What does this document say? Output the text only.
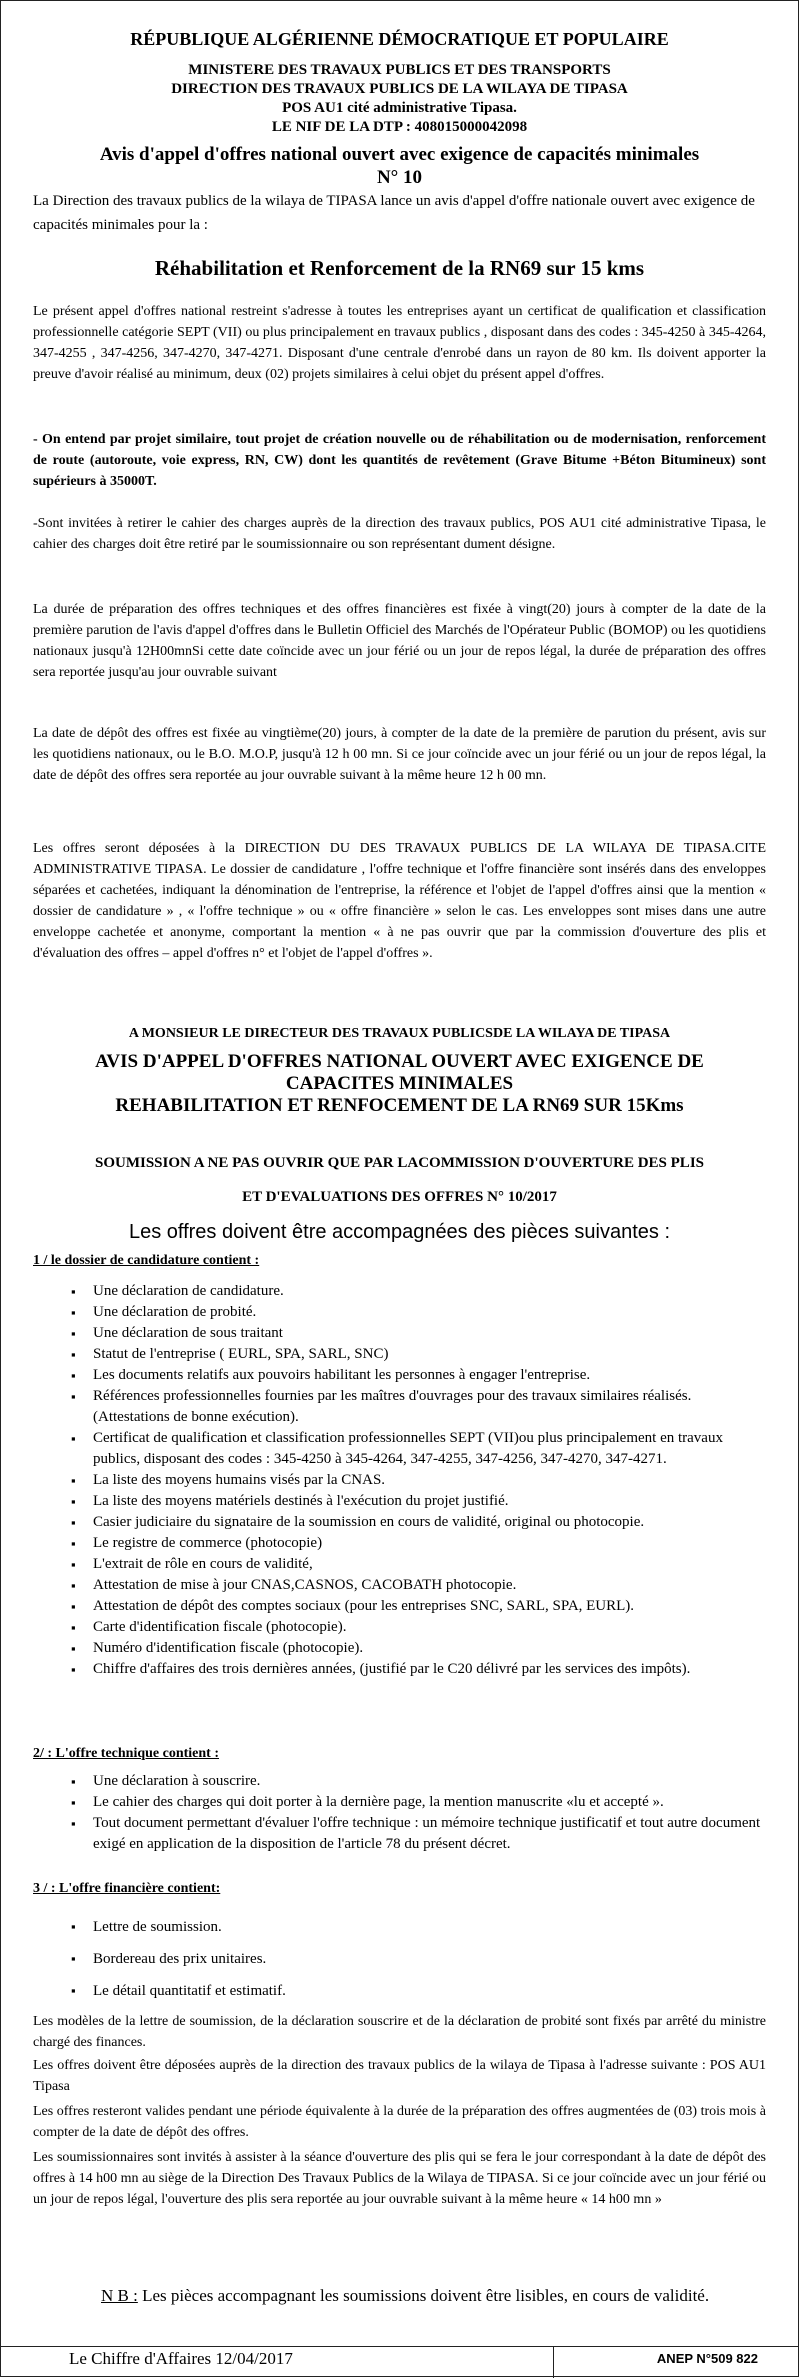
RÉPUBLIQUE ALGÉRIENNE DÉMOCRATIQUE ET POPULAIRE
MINISTERE DES TRAVAUX PUBLICS ET DES TRANSPORTS
DIRECTION DES TRAVAUX PUBLICS DE LA WILAYA DE TIPASA
POS AU1 cité administrative Tipasa.
LE NIF DE LA DTP : 408015000042098
Avis d'appel d'offres national ouvert avec exigence de capacités minimales
N° 10
La Direction des travaux publics de la wilaya de TIPASA lance un avis d'appel d'offre nationale ouvert avec exigence de capacités minimales pour la :
Réhabilitation et Renforcement de la RN69 sur 15 kms
Le présent appel d'offres national restreint s'adresse à toutes les entreprises ayant un certificat de qualification et classification professionnelle catégorie SEPT (VII) ou plus principalement en travaux publics , disposant dans des codes : 345-4250 à 345-4264, 347-4255 , 347-4256, 347-4270, 347-4271. Disposant d'une centrale d'enrobé dans un rayon de 80 km. Ils doivent apporter la preuve d'avoir réalisé au minimum, deux (02) projets similaires à celui objet du présent appel d'offres.
- On entend par projet similaire, tout projet de création nouvelle ou de réhabilitation ou de modernisation, renforcement de route (autoroute, voie express, RN, CW) dont les quantités de revêtement (Grave Bitume +Béton Bitumineux) sont supérieurs à 35000T.
-Sont invitées à retirer le cahier des charges auprès de la direction des travaux publics, POS AU1 cité administrative Tipasa, le cahier des charges doit être retiré par le soumissionnaire ou son représentant dument désigne.
La durée de préparation des offres techniques et des offres financières est fixée à vingt(20) jours à compter de la date de la première parution de l'avis d'appel d'offres dans le Bulletin Officiel des Marchés de l'Opérateur Public (BOMOP) ou les quotidiens nationaux jusqu'à 12H00mnSi cette date coïncide avec un jour férié ou un jour de repos légal, la durée de préparation des offres sera reportée jusqu'au jour ouvrable suivant
La date de dépôt des offres est fixée au vingtième(20) jours, à compter de la date de la première de parution du présent, avis sur les quotidiens nationaux, ou le B.O. M.O.P, jusqu'à 12 h 00 mn. Si ce jour coïncide avec un jour férié ou un jour de repos légal, la date de dépôt des offres sera reportée au jour ouvrable suivant à la même heure 12 h 00 mn.
Les offres seront déposées à la DIRECTION DU DES TRAVAUX PUBLICS DE LA WILAYA DE TIPASA.CITE ADMINISTRATIVE TIPASA. Le dossier de candidature , l'offre technique et l'offre financière sont insérés dans des enveloppes séparées et cachetées, indiquant la dénomination de l'entreprise, la référence et l'objet de l'appel d'offres ainsi que la mention « dossier de candidature » , « l'offre technique » ou « offre financière » selon le cas. Les enveloppes sont mises dans une autre enveloppe cachetée et anonyme, comportant la mention « à ne pas ouvrir que par la commission d'ouverture des plis et d'évaluation des offres – appel d'offres n° et l'objet de l'appel d'offres ».
A MONSIEUR LE DIRECTEUR DES TRAVAUX PUBLICSDE LA WILAYA DE TIPASA
AVIS D'APPEL D'OFFRES NATIONAL OUVERT AVEC EXIGENCE DE
CAPACITES MINIMALES
REHABILITATION ET RENFOCEMENT DE LA RN69 SUR 15Kms
SOUMISSION A NE PAS OUVRIR QUE PAR LACOMMISSION D'OUVERTURE DES PLIS
ET D'EVALUATIONS DES OFFRES N° 10/2017
Les offres doivent être accompagnées des pièces suivantes :
1 / le dossier de candidature contient :
▪ Une déclaration de candidature.
▪ Une déclaration de probité.
▪ Une déclaration de sous traitant
▪ Statut de l'entreprise ( EURL, SPA, SARL, SNC)
▪ Les documents relatifs aux pouvoirs habilitant les personnes à engager l'entreprise.
▪ Références professionnelles fournies par les maîtres d'ouvrages pour des travaux similaires réalisés. (Attestations de bonne exécution).
▪ Certificat de qualification et classification professionnelles SEPT (VII)ou plus principalement en travaux publics, disposant des codes : 345-4250 à 345-4264, 347-4255, 347-4256, 347-4270, 347-4271.
▪ La liste des moyens humains visés par la CNAS.
▪ La liste des moyens matériels destinés à l'exécution du projet justifié.
▪ Casier judiciaire du signataire de la soumission en cours de validité, original ou photocopie.
▪ Le registre de commerce (photocopie)
▪ L'extrait de rôle en cours de validité,
▪ Attestation de mise à jour CNAS,CASNOS, CACOBATH photocopie.
▪ Attestation de dépôt des comptes sociaux (pour les entreprises SNC, SARL, SPA, EURL).
▪ Carte d'identification fiscale (photocopie).
▪ Numéro d'identification fiscale (photocopie).
▪ Chiffre d'affaires des trois dernières années, (justifié par le C20 délivré par les services des impôts).
2/ : L'offre technique contient :
▪ Une déclaration à souscrire.
▪ Le cahier des charges qui doit porter à la dernière page, la mention manuscrite «lu et accepté ».
▪ Tout document permettant d'évaluer l'offre technique : un mémoire technique justificatif et tout autre document exigé en application de la disposition de l'article 78 du présent décret.
3 / : L'offre financière contient:
▪ Lettre de soumission.
▪ Bordereau des prix unitaires.
▪ Le détail quantitatif et estimatif.
Les modèles de la lettre de soumission, de la déclaration souscrire et de la déclaration de probité sont fixés par arrêté du ministre chargé des finances.
Les offres doivent être déposées auprès de la direction des travaux publics de la wilaya de Tipasa à l'adresse suivante : POS AU1 Tipasa
Les offres resteront valides pendant une période équivalente à la durée de la préparation des offres augmentées de (03) trois mois à compter de la date de dépôt des offres.
Les soumissionnaires sont invités à assister à la séance d'ouverture des plis qui se fera le jour correspondant à la date de dépôt des offres à 14 h00 mn au siège de la Direction Des Travaux Publics de la Wilaya de TIPASA. Si ce jour coïncide avec un jour férié ou un jour de repos légal, l'ouverture des plis sera reportée au jour ouvrable suivant à la même heure « 14 h00 mn »
N B : Les pièces accompagnant les soumissions doivent être lisibles, en cours de validité.
Le Chiffre d'Affaires 12/04/2017	ANEP N°509 822
